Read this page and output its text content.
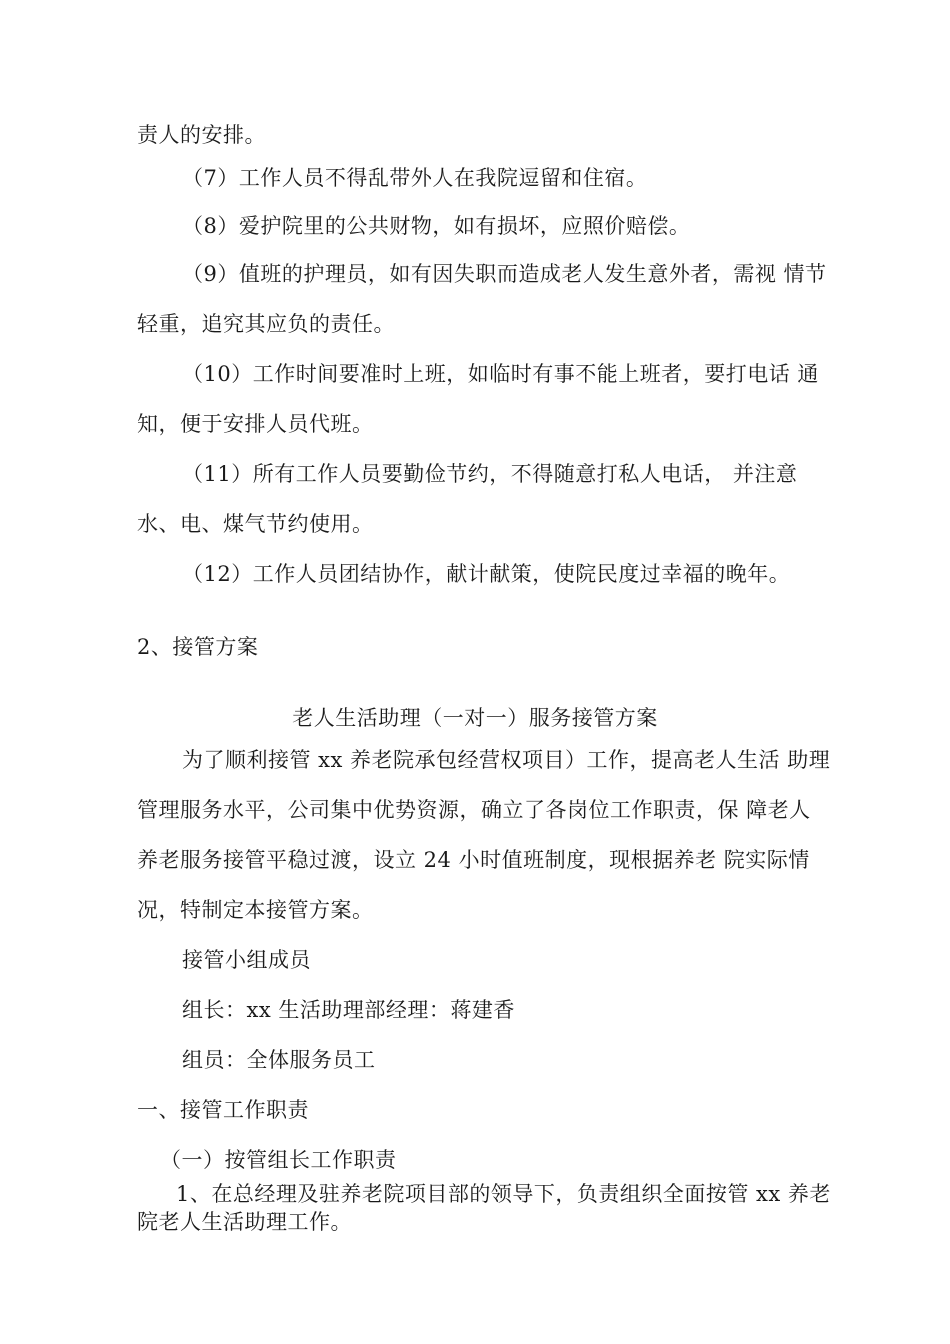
责人的安排。
（7）工作人员不得乱带外人在我院逗留和住宿。
（8）爱护院里的公共财物，如有损坏，应照价赔偿。
（9）值班的护理员，如有因失职而造成老人发生意外者，需视 情节
轻重，追究其应负的责任。
（10）工作时间要准时上班，如临时有事不能上班者，要打电话 通
知，便于安排人员代班。
（11）所有工作人员要勤俭节约，不得随意打私人电话， 并注意
水、电、煤气节约使用。
（12）工作人员团结协作，献计献策，使院民度过幸福的晚年。
2、接管方案
老人生活助理（一对一）服务接管方案
为了顺利接管 xx 养老院承包经营权项目）工作，提高老人生活 助理
管理服务水平，公司集中优势资源，确立了各岗位工作职责，保 障老人
养老服务接管平稳过渡，设立 24 小时值班制度，现根据养老 院实际情
况，特制定本接管方案。
接管小组成员
组长：xx 生活助理部经理：蒋建香
组员：全体服务员工
一、接管工作职责
（一）按管组长工作职责
1、在总经理及驻养老院项目部的领导下，负责组织全面按管 xx 养老
院老人生活助理工作。
